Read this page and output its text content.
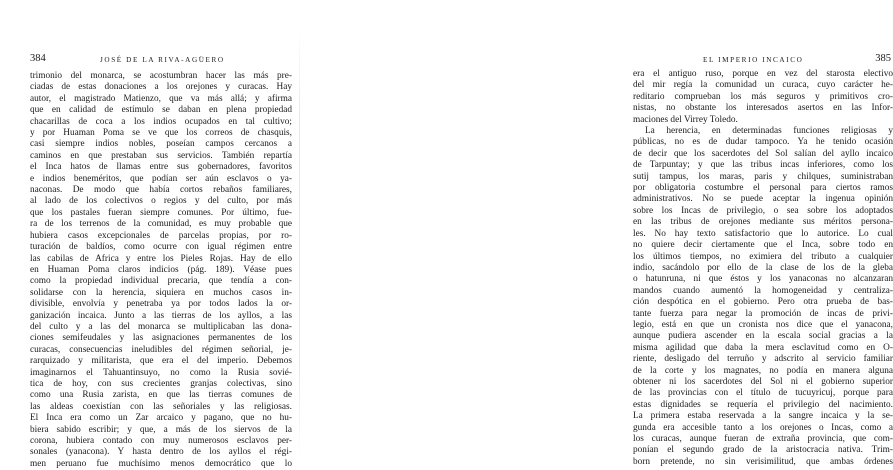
384	JOSÉ DE LA RIVA-AGÜERO
trimonio del monarca, se acostumbran hacer las más pre-
ciadas de estas donaciones a los orejones y curacas. Hay
autor, el magistrado Matienzo, que va más allá; y afirma
que en calidad de estímulo se daban en plena propiedad
chacarillas de coca a los indios ocupados en tal cultivo;
y por Huaman Poma se ve que los correos de chasquis,
casi siempre indios nobles, poseían campos cercanos a
caminos en que prestaban sus servicios. También repartía
el Inca hatos de llamas entre sus gobernadores, favoritos
e indios beneméritos, que podían ser aún esclavos o ya-
naconas. De modo que había cortos rebaños familiares,
al lado de los colectivos o regios y del culto, por más
que los pastales fueran siempre comunes. Por último, fue-
ra de los terrenos de la comunidad, es muy probable que
hubiera casos excepcionales de parcelas propias, por ro-
turación de baldíos, como ocurre con igual régimen entre
las cabilas de Africa y entre los Pieles Rojas. Hay de ello
en Huaman Poma claros indicios (pág. 189). Véase pues
como la propiedad individual precaria, que tendía a con-
solidarse con la herencia, siquiera en muchos casos in-
divisible, envolvía y penetraba ya por todos lados la or-
ganización incaica. Junto a las tierras de los ayllos, a las
del culto y a las del monarca se multiplicaban las dona-
ciones semifeudales y las asignaciones permanentes de los
curacas, consecuencias ineludibles del régimen señorial, je-
rarquizado y militarista, que era el del imperio. Debemos
imaginarnos el Tahuantinsuyo, no como la Rusia sovié-
tica de hoy, con sus crecientes granjas colectivas, sino
como una Rusia zarista, en que las tierras comunes de
las aldeas coexistían con las señoriales y las religiosas.
El Inca era como un Zar arcaico y pagano, que no hu-
biera sabido escribir; y que, a más de los siervos de la
corona, hubiera contado con muy numerosos esclavos per-
sonales (yanacona). Y hasta dentro de los ayllos el régi-
men peruano fue muchísimo menos democrático que lo
EL IMPERIO INCAICO	385
era el antiguo ruso, porque en vez del starosta electivo
del mir regía la comunidad un curaca, cuyo carácter he-
reditario comprueban los más seguros y primitivos cro-
nistas, no obstante los interesados asertos en las Infor-
maciones del Virrey Toledo.
La herencia, en determinadas funciones religiosas y
públicas, no es de dudar tampoco. Ya he tenido ocasión
de decir que los sacerdotes del Sol salían del ayllo incaico
de Tarpuntay; y que las tribus incas inferiores, como los
sutij tampus, los maras, paris y chilques, suministraban
por obligatoria costumbre el personal para ciertos ramos
administrativos. No se puede aceptar la ingenua opinión
sobre los Incas de privilegio, o sea sobre los adoptados
en las tribus de orejones mediante sus méritos persona-
les. No hay texto satisfactorio que lo autorice. Lo cual
no quiere decir ciertamente que el Inca, sobre todo en
los últimos tiempos, no eximiera del tributo a cualquier
indio, sacándolo por ello de la clase de los de la gleba
o hatunruna, ni que éstos y los yanaconas no alcanzaran
mandos cuando aumentó la homogeneidad y centraliza-
ción despótica en el gobierno. Pero otra prueba de bas-
tante fuerza para negar la promoción de incas de privi-
legio, está en que un cronista nos dice que el yanacona,
aunque pudiera ascender en la escala social gracias a la
misma agilidad que daba la mera esclavitud como en O-
riente, desligado del terruño y adscrito al servicio familiar
de la corte y los magnates, no podía en manera alguna
obtener ni los sacerdotes del Sol ni el gobierno superior
de las provincias con el título de tucuyricuj, porque para
estas dignidades se requería el privilegio del nacimiento.
La primera estaba reservada a la sangre incaica y la se-
gunda era accesible tanto a los orejones o Incas, como a
los curacas, aunque fueran de extraña provincia, que com-
ponían el segundo grado de la aristocracia nativa. Trim-
born pretende, no sin verisimilitud, que ambas órdenes
